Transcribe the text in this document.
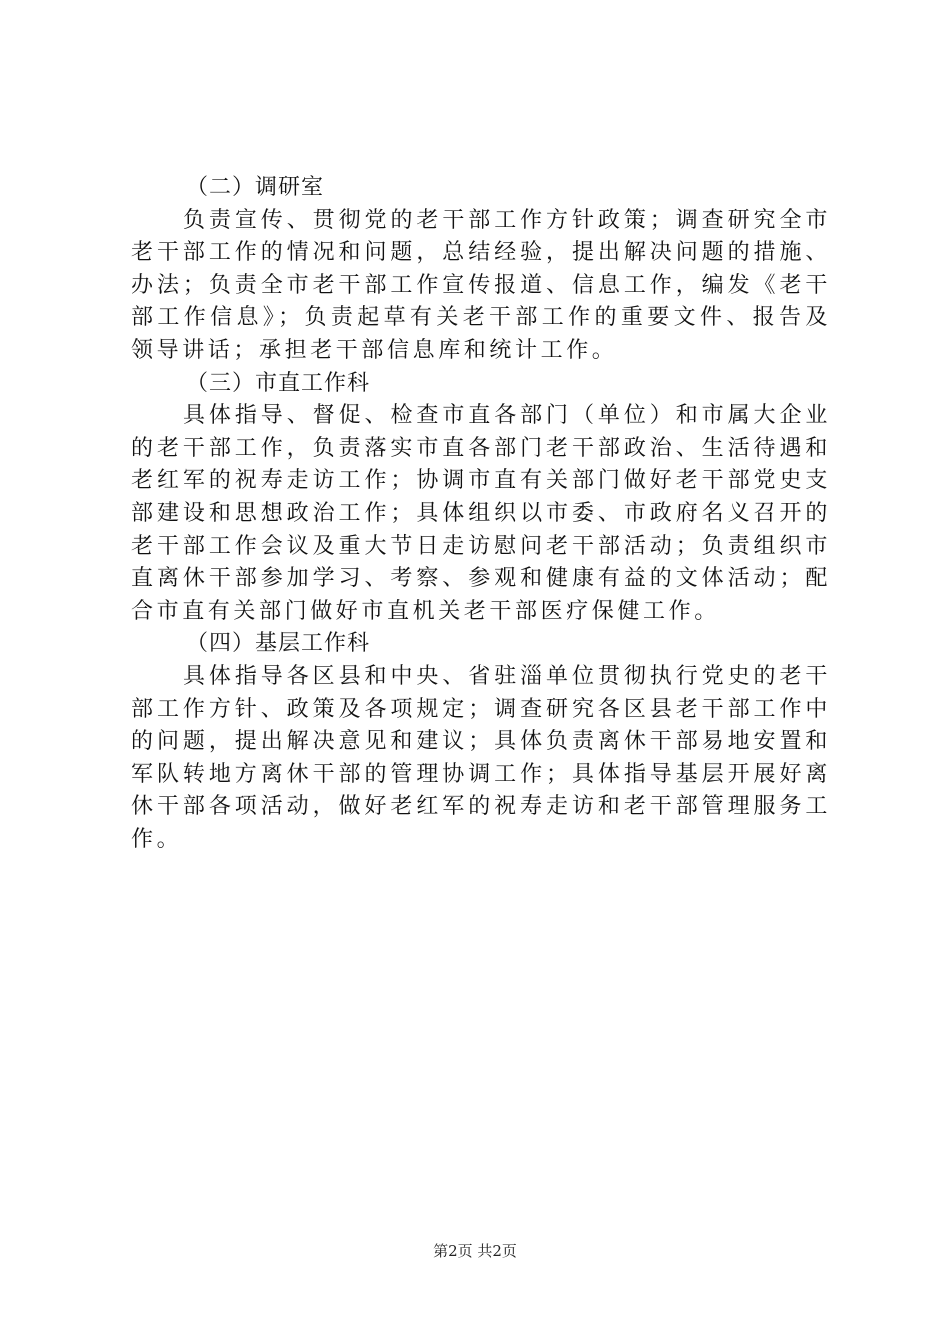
（二）调研室

负责宣传、贯彻党的老干部工作方针政策；调查研究全市老干部工作的情况和问题，总结经验，提出解决问题的措施、办法；负责全市老干部工作宣传报道、信息工作，编发《老干部工作信息》；负责起草有关老干部工作的重要文件、报告及领导讲话；承担老干部信息库和统计工作。

（三）市直工作科

具体指导、督促、检查市直各部门（单位）和市属大企业的老干部工作，负责落实市直各部门老干部政治、生活待遇和老红军的祝寿走访工作；协调市直有关部门做好老干部党史支部建设和思想政治工作；具体组织以市委、市政府名义召开的老干部工作会议及重大节日走访慰问老干部活动；负责组织市直离休干部参加学习、考察、参观和健康有益的文体活动；配合市直有关部门做好市直机关老干部医疗保健工作。

（四）基层工作科

具体指导各区县和中央、省驻淄单位贯彻执行党史的老干部工作方针、政策及各项规定；调查研究各区县老干部工作中的问题，提出解决意见和建议；具体负责离休干部易地安置和军队转地方离休干部的管理协调工作；具体指导基层开展好离休干部各项活动，做好老红军的祝寿走访和老干部管理服务工作。

第2页 共2页
